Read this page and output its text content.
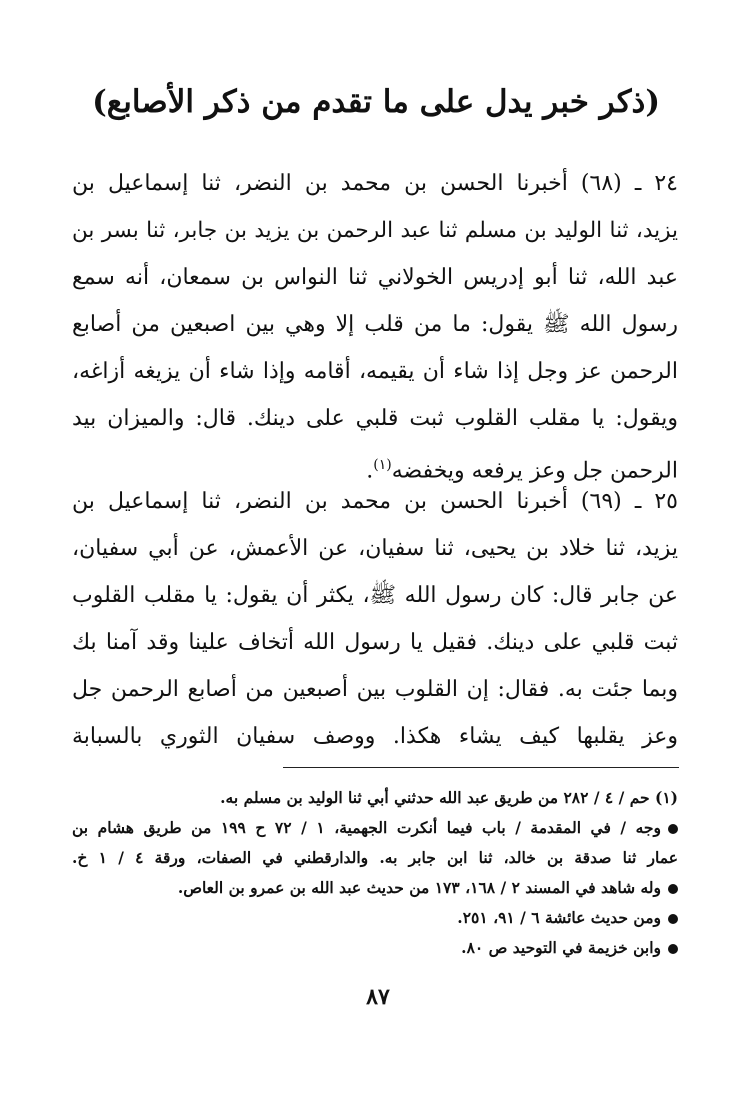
(ذكر خبر يدل على ما تقدم من ذكر الأصابع)
٢٤ ـ (٦٨) أخبرنا الحسن بن محمد بن النضر، ثنا إسماعيل بن
يزيد، ثنا الوليد بن مسلم ثنا عبد الرحمن بن يزيد بن جابر، ثنا بسر بن
عبد الله، ثنا أبو إدريس الخولاني ثنا النواس بن سمعان، أنه سمع
رسول الله ﷺ يقول: ما من قلب إلا وهي بين اصبعين من أصابع
الرحمن عز وجل إذا شاء أن يقيمه، أقامه وإذا شاء أن يزيغه أزاغه،
ويقول: يا مقلب القلوب ثبت قلبي على دينك. قال: والميزان بيد
الرحمن جل وعز يرفعه ويخفضه$^{(١)}$.
٢٥ ـ (٦٩) أخبرنا الحسن بن محمد بن النضر، ثنا إسماعيل بن
يزيد، ثنا خلاد بن يحيى، ثنا سفيان، عن الأعمش، عن أبي سفيان،
عن جابر قال: كان رسول الله ﷺ، يكثر أن يقول: يا مقلب القلوب
ثبت قلبي على دينك. فقيل يا رسول الله أتخاف علينا وقد آمنا بك
وبما جئت به. فقال: إن القلوب بين أصبعين من أصابع الرحمن جل
وعز يقلبها كيف يشاء هكذا. ووصف سفيان الثوري بالسبابة
(١) حم / ٤ / ٢٨٢ من طريق عبد الله حدثني أبي ثنا الوليد بن مسلم به.
وجه / في المقدمة / باب فيما أنكرت الجهمية، ١ / ٧٢ ح ١٩٩ من طريق هشام بن
عمار ثنا صدقة بن خالد، ثنا ابن جابر به. والدارقطني في الصفات، ورقة ٤ / ١ خ.
وله شاهد في المسند ٢ / ١٦٨، ١٧٣ من حديث عبد الله بن عمرو بن العاص.
ومن حديث عائشة ٦ / ٩١، ٢٥١.
وابن خزيمة في التوحيد ص ٨٠.
٨٧
